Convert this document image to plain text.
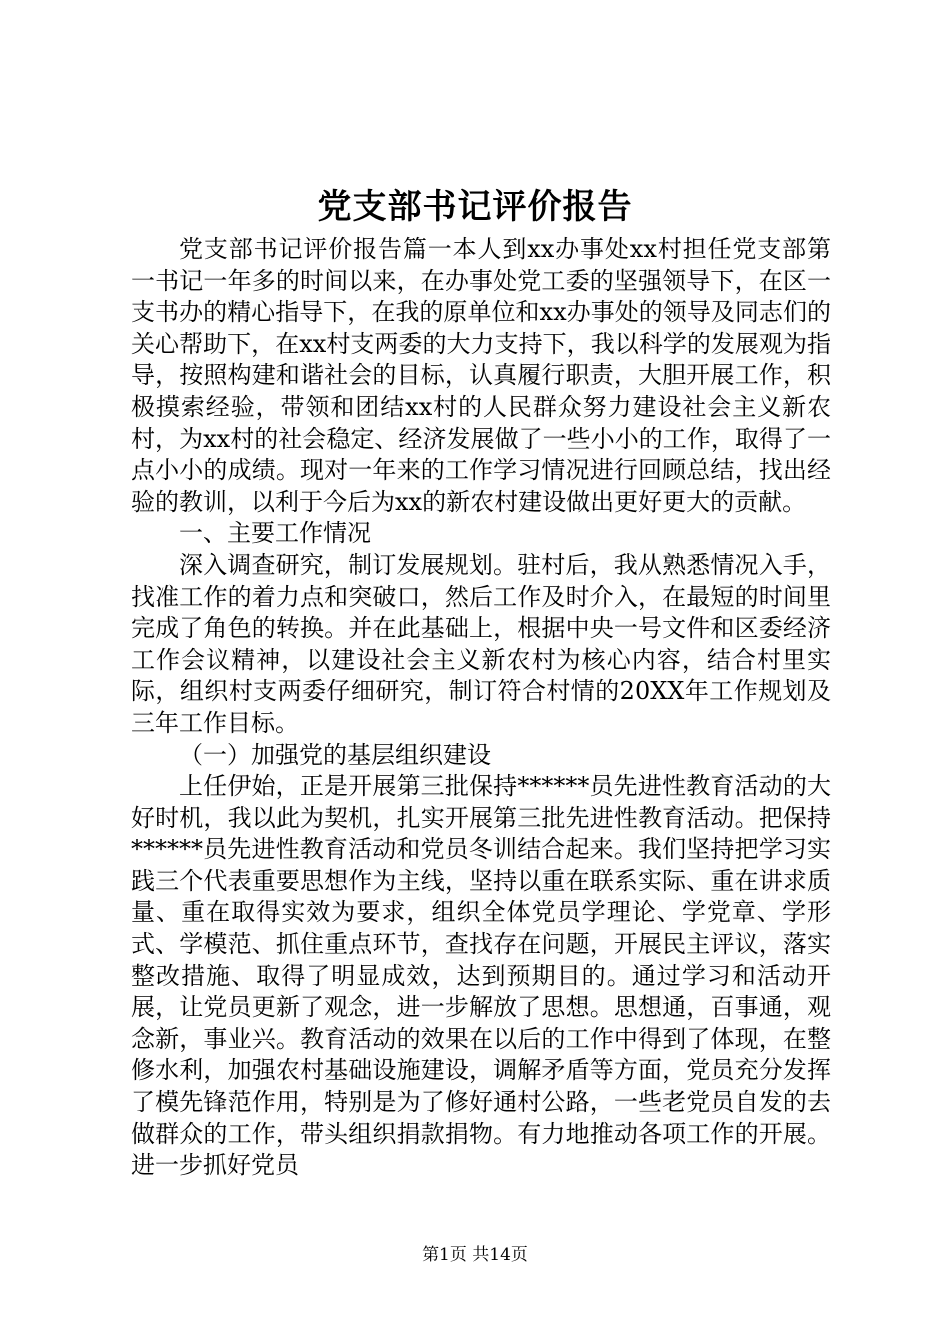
党支部书记评价报告

党支部书记评价报告篇一本人到xx办事处xx村担任党支部第一书记一年多的时间以来，在办事处党工委的坚强领导下，在区一支书办的精心指导下，在我的原单位和xx办事处的领导及同志们的关心帮助下，在xx村支两委的大力支持下，我以科学的发展观为指导，按照构建和谐社会的目标，认真履行职责，大胆开展工作，积极摸索经验，带领和团结xx村的人民群众努力建设社会主义新农村，为xx村的社会稳定、经济发展做了一些小小的工作，取得了一点小小的成绩。现对一年来的工作学习情况进行回顾总结，找出经验的教训，以利于今后为xx的新农村建设做出更好更大的贡献。

一、主要工作情况

深入调查研究，制订发展规划。驻村后，我从熟悉情况入手，找准工作的着力点和突破口，然后工作及时介入，在最短的时间里完成了角色的转换。并在此基础上，根据中央一号文件和区委经济工作会议精神，以建设社会主义新农村为核心内容，结合村里实际，组织村支两委仔细研究，制订符合村情的20XX年工作规划及三年工作目标。

（一）加强党的基层组织建设

上任伊始，正是开展第三批保持******员先进性教育活动的大好时机，我以此为契机，扎实开展第三批先进性教育活动。把保持******员先进性教育活动和党员冬训结合起来。我们坚持把学习实践三个代表重要思想作为主线，坚持以重在联系实际、重在讲求质量、重在取得实效为要求，组织全体党员学理论、学党章、学形式、学模范、抓住重点环节，查找存在问题，开展民主评议，落实整改措施、取得了明显成效，达到预期目的。通过学习和活动开展，让党员更新了观念，进一步解放了思想。思想通，百事通，观念新，事业兴。教育活动的效果在以后的工作中得到了体现，在整修水利，加强农村基础设施建设，调解矛盾等方面，党员充分发挥了模先锋范作用，特别是为了修好通村公路，一些老党员自发的去做群众的工作，带头组织捐款捐物。有力地推动各项工作的开展。进一步抓好党员

第1页 共14页
